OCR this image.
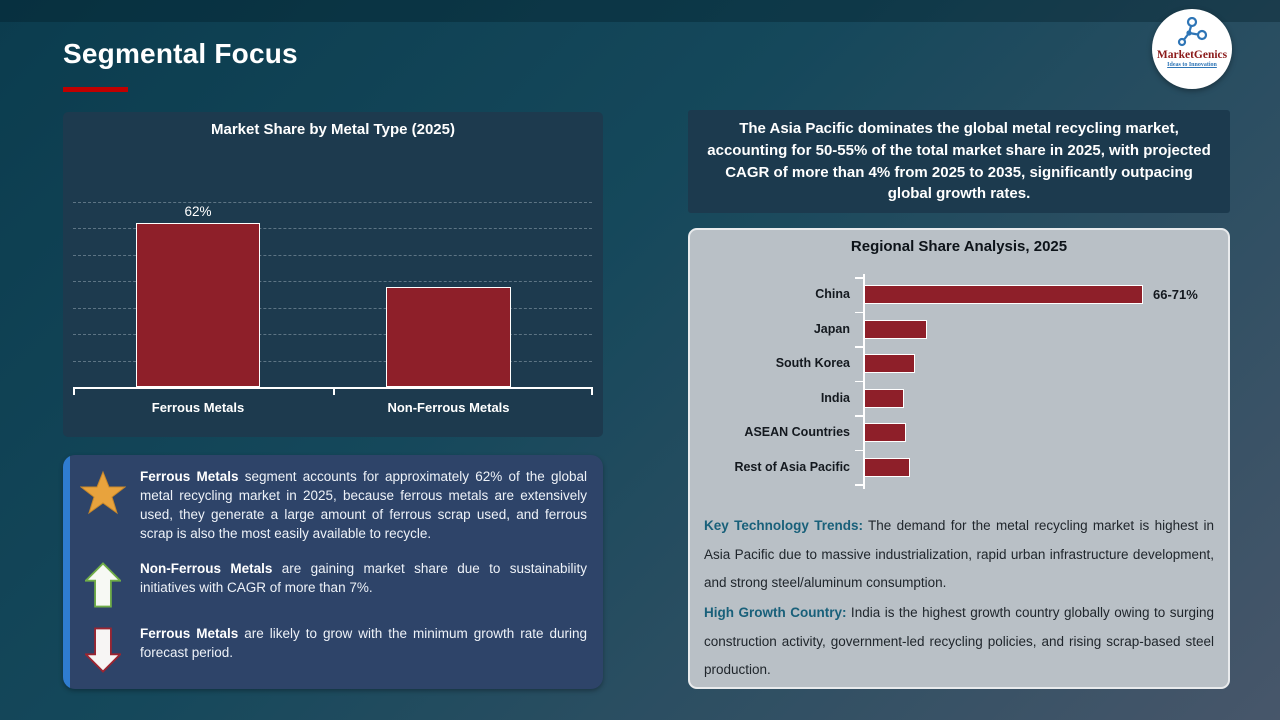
Segmental Focus	MarketGenics
Ideas to Innovation
Market Share by Metal Type (2025)
62%
Ferrous Metals	Non-Ferrous Metals

Ferrous Metals segment accounts for approximately 62% of the global metal recycling market in 2025, because ferrous metals are extensively used, they generate a large amount of ferrous scrap used, and ferrous scrap is also the most easily available to recycle.

Non-Ferrous Metals are gaining market share due to sustainability initiatives with CAGR of more than 7%.

Ferrous Metals are likely to grow with the minimum growth rate during forecast period.

The Asia Pacific dominates the global metal recycling market, accounting for 50-55% of the total market share in 2025, with projected CAGR of more than 4% from 2025 to 2035, significantly outpacing global growth rates.

Regional Share Analysis, 2025
China	66-71%
Japan
South Korea
India
ASEAN Countries
Rest of Asia Pacific

Key Technology Trends: The demand for the metal recycling market is highest in Asia Pacific due to massive industrialization, rapid urban infrastructure development, and strong steel/aluminum consumption.

High Growth Country: India is the highest growth country globally owing to surging construction activity, government-led recycling policies, and rising scrap-based steel production.
